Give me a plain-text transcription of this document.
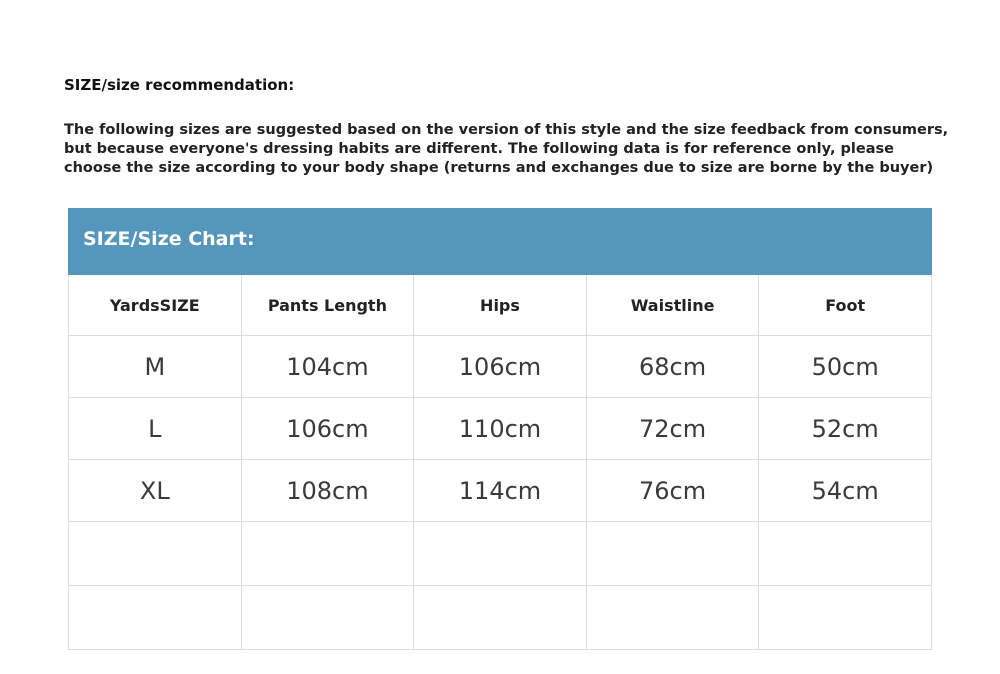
SIZE/size recommendation:

The following sizes are suggested based on the version of this style and the size feedback from consumers,
but because everyone's dressing habits are different. The following data is for reference only, please
choose the size according to your body shape (returns and exchanges due to size are borne by the buyer)

SIZE/Size Chart:
YardsSIZE	Pants Length	Hips	Waistline	Foot
M	104cm	106cm	68cm	50cm
L	106cm	110cm	72cm	52cm
XL	108cm	114cm	76cm	54cm
